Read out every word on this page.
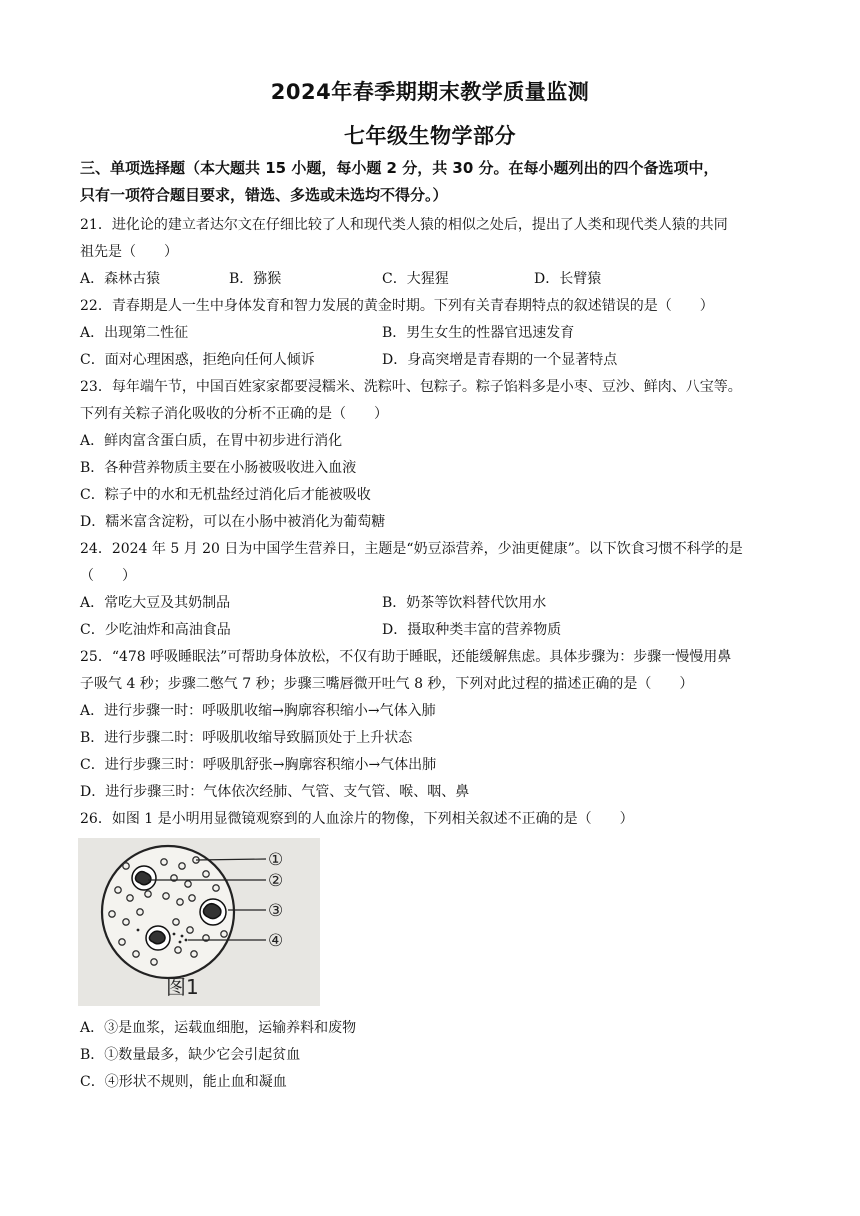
2024年春季期期末教学质量监测
七年级生物学部分
三、单项选择题（本大题共 15 小题，每小题 2 分，共 30 分。在每小题列出的四个备选项中，
只有一项符合题目要求，错选、多选或未选均不得分。）
21．进化论的建立者达尔文在仔细比较了人和现代类人猿的相似之处后，提出了人类和现代类人猿的共同
祖先是（　　）
A．森林古猿	B．猕猴	C．大猩猩	D．长臂猿
22．青春期是人一生中身体发育和智力发展的黄金时期。下列有关青春期特点的叙述错误的是（　　）
A．出现第二性征	B．男生女生的性器官迅速发育
C．面对心理困惑，拒绝向任何人倾诉	D．身高突增是青春期的一个显著特点
23．每年端午节，中国百姓家家都要浸糯米、洗粽叶、包粽子。粽子馅料多是小枣、豆沙、鲜肉、八宝等。
下列有关粽子消化吸收的分析不正确的是（　　）
A．鲜肉富含蛋白质，在胃中初步进行消化
B．各种营养物质主要在小肠被吸收进入血液
C．粽子中的水和无机盐经过消化后才能被吸收
D．糯米富含淀粉，可以在小肠中被消化为葡萄糖
24．2024 年 5 月 20 日为中国学生营养日，主题是“奶豆添营养，少油更健康”。以下饮食习惯不科学的是
（　　）
A．常吃大豆及其奶制品	B．奶茶等饮料替代饮用水
C．少吃油炸和高油食品	D．摄取种类丰富的营养物质
25．“478 呼吸睡眠法”可帮助身体放松，不仅有助于睡眠，还能缓解焦虑。具体步骤为：步骤一慢慢用鼻
子吸气 4 秒；步骤二憋气 7 秒；步骤三嘴唇微开吐气 8 秒，下列对此过程的描述正确的是（　　）
A．进行步骤一时：呼吸肌收缩→胸廓容积缩小→气体入肺
B．进行步骤二时：呼吸肌收缩导致膈顶处于上升状态
C．进行步骤三时：呼吸肌舒张→胸廓容积缩小→气体出肺
D．进行步骤三时：气体依次经肺、气管、支气管、喉、咽、鼻
26．如图 1 是小明用显微镜观察到的人血涂片的物像，下列相关叙述不正确的是（　　）
①
②
③
④
图1
A．③是血浆，运载血细胞，运输养料和废物
B．①数量最多，缺少它会引起贫血
C．④形状不规则，能止血和凝血
